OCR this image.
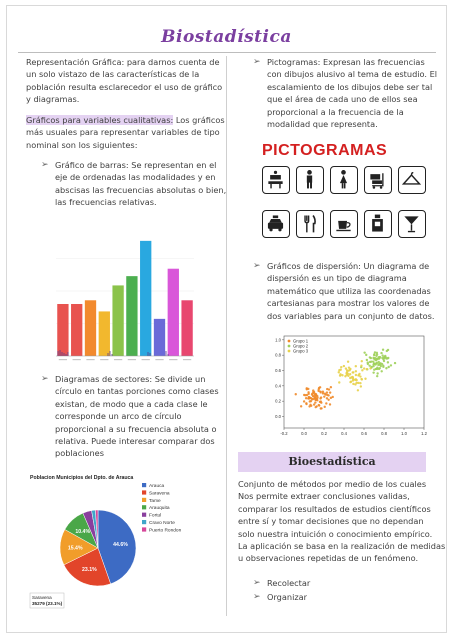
Biostadística
Representación Gráfica: para darnos cuenta de
un solo vistazo de las características de la
población resulta esclarecedor el uso de gráfico
y diagramas.
Gráficos para variables cualitativas: Los gráficos
más usuales para representar variables de tipo
nominal son los siguientes:
➢ Gráfico de barras: Se representan en el
eje de ordenadas las modalidades y en
abscisas las frecuencias absolutas o bien,
las frecuencias relativas.
➢ Diagramas de sectores: Se divide un
círculo en tantas porciones como clases
existan, de modo que a cada clase le
corresponde un arco de círculo
proporcional a su frecuencia absoluta o
relativa. Puede interesar comparar dos
poblaciones
Poblacion Municipios del Dpto. de Arauca
44.6%
23.1%
15.4%
10.4%
Arauca
Saravena
Tame
Arauquita
Fortul
Cravo Norte
Puerto Rondon
Saravena
35279 (23.1%)
➢ Pictogramas: Expresan las frecuencias
con dibujos alusivo al tema de estudio. El
escalamiento de los dibujos debe ser tal
que el área de cada uno de ellos sea
proporcional a la frecuencia de la
modalidad que representa.
PICTOGRAMAS
➢ Gráficos de dispersión: Un diagrama de
dispersión es un tipo de diagrama
matemático que utiliza las coordenadas
cartesianas para mostrar los valores de
dos variables para un conjunto de datos.
-0.2	0.0	0.2	0.4	0.6	0.8	1.0	1.2
0.0
0.2
0.4
0.6
0.8
1.0	Grupo 1
Grupo 2
Grupo 3
Bioestadística
Conjunto de métodos por medio de los cuales
Nos permite extraer conclusiones validas,
comparar los resultados de estudios científicos
entre sí y tomar decisiones que no dependan
solo nuestra intuición o conocimiento empírico.
La aplicación se basa en la realización de medidas
u observaciones repetidas de un fenómeno.
➢ Recolectar
➢ Organizar
